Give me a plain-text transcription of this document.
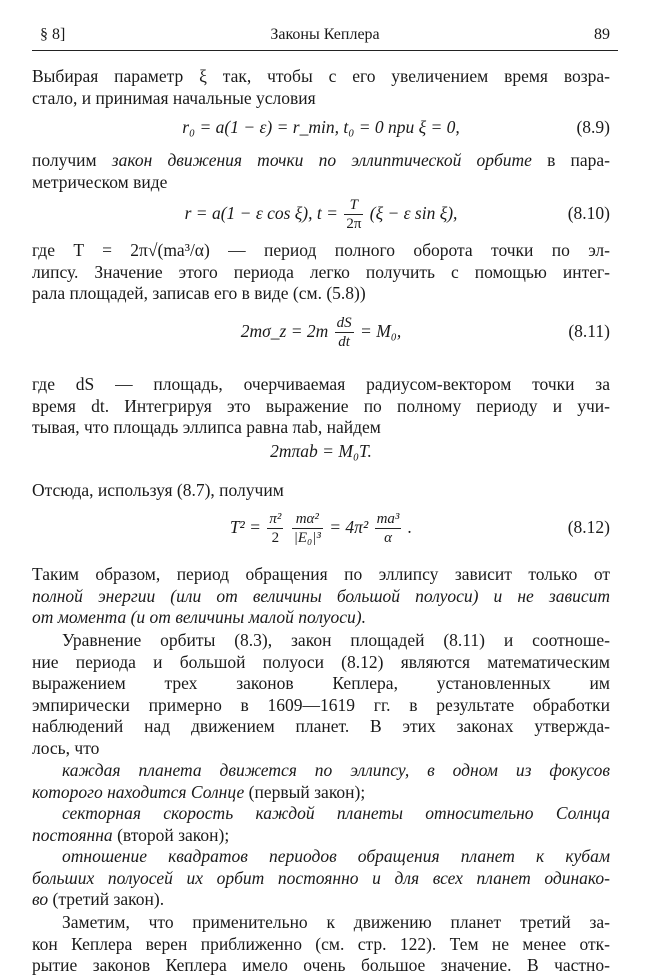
§ 8]	Законы Кеплера	89
Выбирая параметр ξ так, чтобы с его увеличением время возра-
стало, и принимая начальные условия
r₀ = a(1 − ε) = r_min, t₀ = 0 при ξ = 0,	(8.9)
получим закон движения точки по эллиптической орбите в пара-
метрическом виде
r = a(1 − ε cos ξ), $t = \frac{T}{2\pi} (\xi - \varepsilon$ sin ξ),	(8.10)
где T = 2π√(ma³/α) — период полного оборота точки по эл-
липсу. Значение этого периода легко получить с помощью интег-
рала площадей, записав его в виде (см. (5.8))
2mσ_z = $2m \frac{dS}{dt} = M_0$,	(8.11)
где dS — площадь, очерчиваемая радиусом-вектором точки за
время dt. Интегрируя это выражение по полному периоду и учи-
тывая, что площадь эллипса равна πab, найдем
2mπab = M₀T.
Отсюда, используя (8.7), получим
$T^2 = \frac{\text{π²}}{2}$
$\frac{\text{mα²}}{\text{|E₀|³}} = 4\pi^2 \frac{\text{ma³}}{\alpha}$ .	(8.12)
Таким образом, период обращения по эллипсу зависит только от
полной энергии (или от величины большой полуоси) и не зависит
от момента (и от величины малой полуоси).
Уравнение орбиты (8.3), закон площадей (8.11) и соотноше-
ние периода и большой полуоси (8.12) являются математическим
выражением трех законов Кеплера, установленных им
эмпирически примерно в 1609—1619 гг. в результате обработки
наблюдений над движением планет. В этих законах утвержда-
лось, что
каждая планета движется по эллипсу, в одном из фокусов
которого находится Солнце (первый закон);
секторная скорость каждой планеты относительно Солнца
постоянна (второй закон);
отношение квадратов периодов обращения планет к кубам
больших полуосей их орбит постоянно и для всех планет одинако-
во (третий закон).
Заметим, что применительно к движению планет третий за-
кон Кеплера верен приближенно (см. стр. 122). Тем не менее отк-
рытие законов Кеплера имело очень большое значение. В частно-
